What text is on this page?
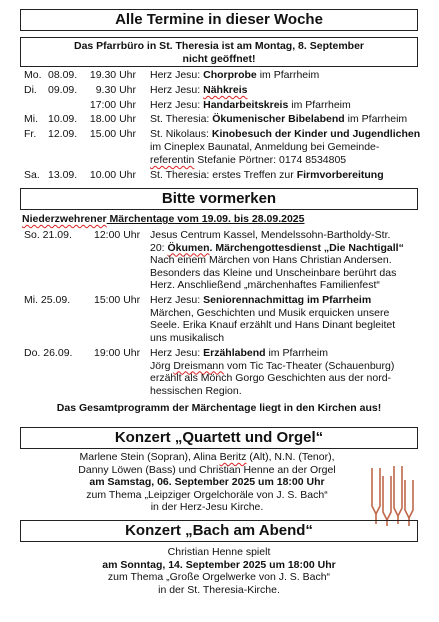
Alle Termine in dieser Woche
Das Pfarrbüro in St. Theresia ist am Montag, 8. September
nicht geöffnet!
Mo. 08.09.	19.30 Uhr Herz Jesu: Chorprobe im Pfarrheim
Di.	09.09.	9.30 Uhr Herz Jesu: Nähkreis
17:00 Uhr Herz Jesu: Handarbeitskreis im Pfarrheim
Mi. 10.09.	18.00 Uhr St. Theresia: Ökumenischer Bibelabend im Pfarrheim
Fr.	12.09.	15.00 Uhr St. Nikolaus: Kinobesuch der Kinder und Jugendlichen
im Cineplex Baunatal, Anmeldung bei Gemeinde-
referentin Stefanie Pörtner: 0174 8534805
Sa. 13.09.	10.00 Uhr St. Theresia: erstes Treffen zur Firmvorbereitung
Bitte vormerken
Niederzwehrener Märchentage vom 19.09. bis 28.09.2025
So. 21.09.	12:00 Uhr Jesus Centrum Kassel, Mendelssohn-Bartholdy-Str.
20: Ökumen. Märchengottesdienst „Die Nachtigall“
Nach einem Märchen von Hans Christian Andersen.
Besonders das Kleine und Unscheinbare berührt das
Herz. Anschließend „märchenhaftes Familienfest“
Mi. 25.09.	15:00 Uhr Herz Jesu: Seniorennachmittag im Pfarrheim
Märchen, Geschichten und Musik erquicken unsere
Seele. Erika Knauf erzählt und Hans Dinant begleitet
uns musikalisch
Do. 26.09.	19:00 Uhr Herz Jesu: Erzählabend im Pfarrheim
Jörg Dreismann vom Tic Tac-Theater (Schauenburg)
erzählt als Mönch Gorgo Geschichten aus der nord-
hessischen Region.
Das Gesamtprogramm der Märchentage liegt in den Kirchen aus!
Konzert „Quartett und Orgel“
Marlene Stein (Sopran), Alina Beritz (Alt), N.N. (Tenor),
Danny Löwen (Bass) und Christian Henne an der Orgel
am Samstag, 06. September 2025 um 18:00 Uhr
zum Thema „Leipziger Orgelchoräle von J. S. Bach“
in der Herz-Jesu Kirche.
Konzert „Bach am Abend“
Christian Henne spielt
am Sonntag, 14. September 2025 um 18:00 Uhr
zum Thema „Große Orgelwerke von J. S. Bach“
in der St. Theresia-Kirche.
